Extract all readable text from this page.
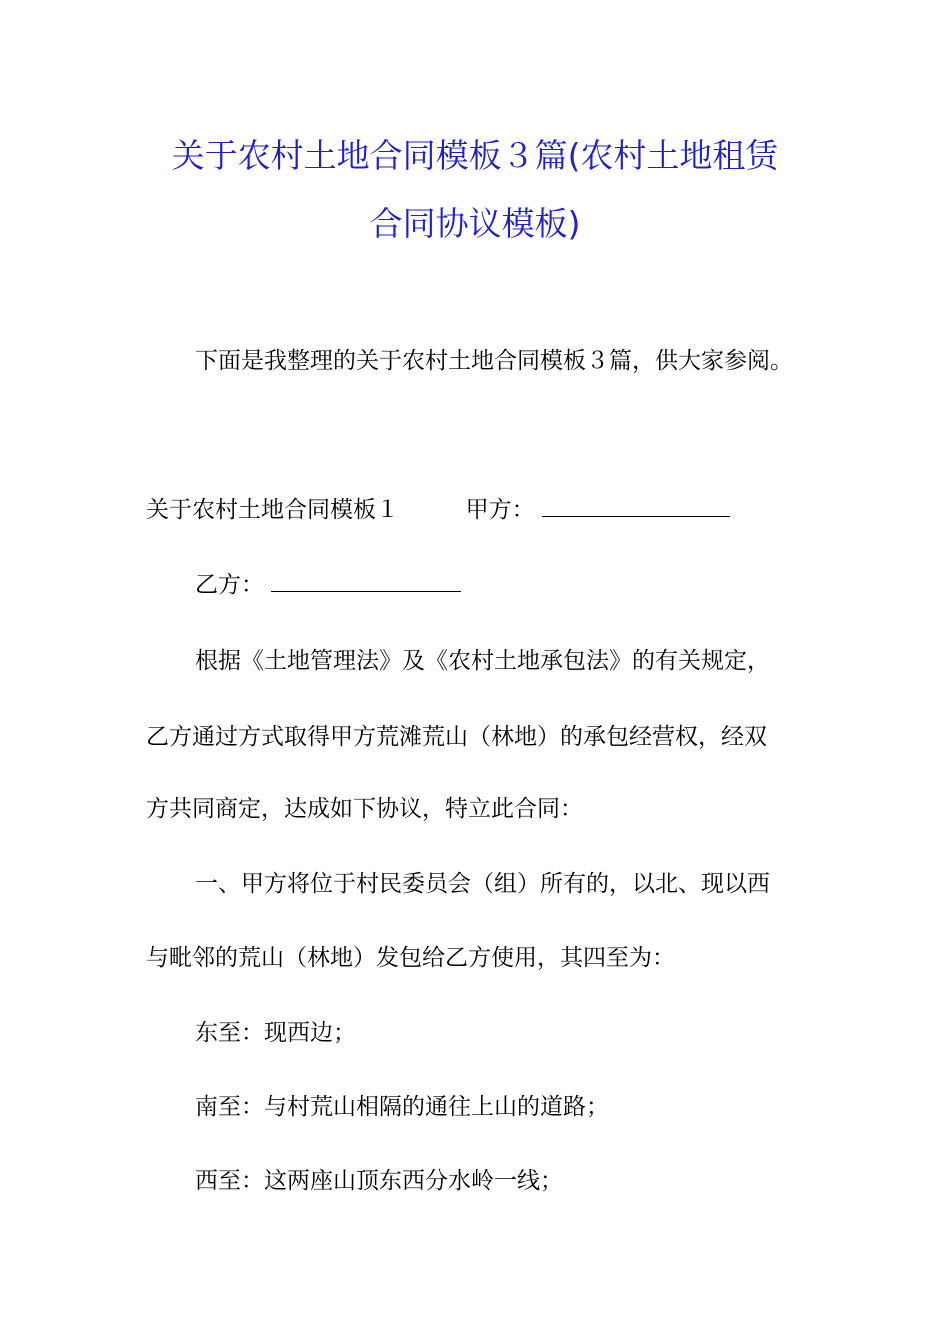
关于农村土地合同模板３篇(农村土地租赁
合同协议模板)
下面是我整理的关于农村土地合同模板３篇，供大家参阅。
关于农村土地合同模板１	甲方：
乙方：
根据《土地管理法》及《农村土地承包法》的有关规定，
乙方通过方式取得甲方荒滩荒山（林地）的承包经营权，经双
方共同商定，达成如下协议，特立此合同：
一、甲方将位于村民委员会（组）所有的，以北、现以西
与毗邻的荒山（林地）发包给乙方使用，其四至为：
东至：现西边；
南至：与村荒山相隔的通往上山的道路；
西至：这两座山顶东西分水岭一线；
